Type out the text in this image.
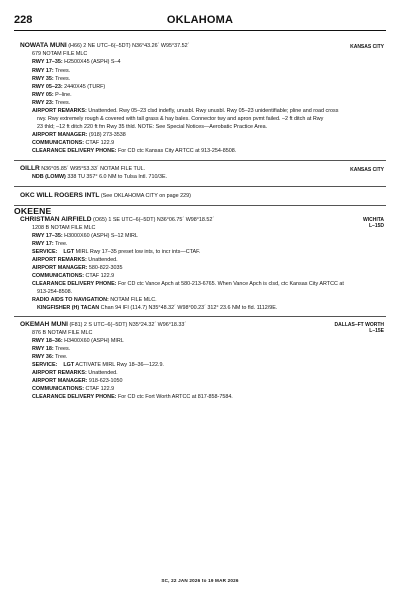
228	OKLAHOMA
NOWATA MUNI (H66) 2 NE UTC–6(–5DT) N36°43.26´ W95°37.52´	KANSAS CITY
679 NOTAM FILE MLC
RWY 17–35: H2500X45 (ASPH) S–4
RWY 17: Trees.
RWY 35: Trees.
RWY 05–23: 2440X45 (TURF)
RWY 05: P–line.
RWY 23: Trees.
AIRPORT REMARKS: Unattended. Rwy 05–23 clsd indefly, unusbl. Rwy unusbl. Rwy 05–23 unidentifiable; pline and road cross
rwy. Rwy extremely rough & covered with tall grass & hay bales. Connector twy and apron pvmt failed. –2 ft ditch at Rwy
23 thld; –12 ft ditch 220 ft fm Rwy 35 thld. NOTE: See Special Notices—Aerobatic Practice Area.
AIRPORT MANAGER: (918) 273-3538
COMMUNICATIONS: CTAF 122.9
CLEARANCE DELIVERY PHONE: For CD ctc Kansas City ARTCC at 913-254-8508.
OILLR N36°05.85´ W95°53.33´ NOTAM FILE TUL.	KANSAS CITY
NDB (LOMW) 338 TU 357° 6.0 NM to Tulsa Intl. 710/3E.
OKC WILL ROGERS INTL (See OKLAHOMA CITY on page 229)
OKEENE
CHRISTMAN AIRFIELD (O65) 1 SE UTC–6(–5DT) N36°06.75´ W98°18.52´	WICHITA
L–15D
1208 B NOTAM FILE MLC
RWY 17–35: H3000X60 (ASPH) S–12 MIRL
RWY 17: Tree.
SERVICE: LGT MIRL Rwy 17–35 preset low ints, to incr ints—CTAF.
AIRPORT REMARKS: Unattended.
AIRPORT MANAGER: 580-822-3035
COMMUNICATIONS: CTAF 122.9
CLEARANCE DELIVERY PHONE: For CD ctc Vance Apch at 580-213-6765. When Vance Apch is clsd, ctc Kansas City ARTCC at
913-254-8508.
RADIO AIDS TO NAVIGATION: NOTAM FILE MLC.
KINGFISHER (H) TACAN Chan 94 IFI (114.7) N35°48.32´ W98°00.23´ 312° 23.6 NM to fld. 1112/9E.
OKEMAH MUNI (F81) 2 S UTC–6(–5DT) N35°24.32´ W96°18.33´	DALLAS–FT WORTH
L–15E
876 B NOTAM FILE MLC
RWY 18–36: H3400X60 (ASPH) MIRL
RWY 18: Trees.
RWY 36: Tree.
SERVICE: LGT ACTIVATE MIRL Rwy 18–36—122.9.
AIRPORT REMARKS: Unattended.
AIRPORT MANAGER: 918-623-1050
COMMUNICATIONS: CTAF 122.9
CLEARANCE DELIVERY PHONE: For CD ctc Fort Worth ARTCC at 817-858-7584.
SC, 22 JAN 2026 to 19 MAR 2026
